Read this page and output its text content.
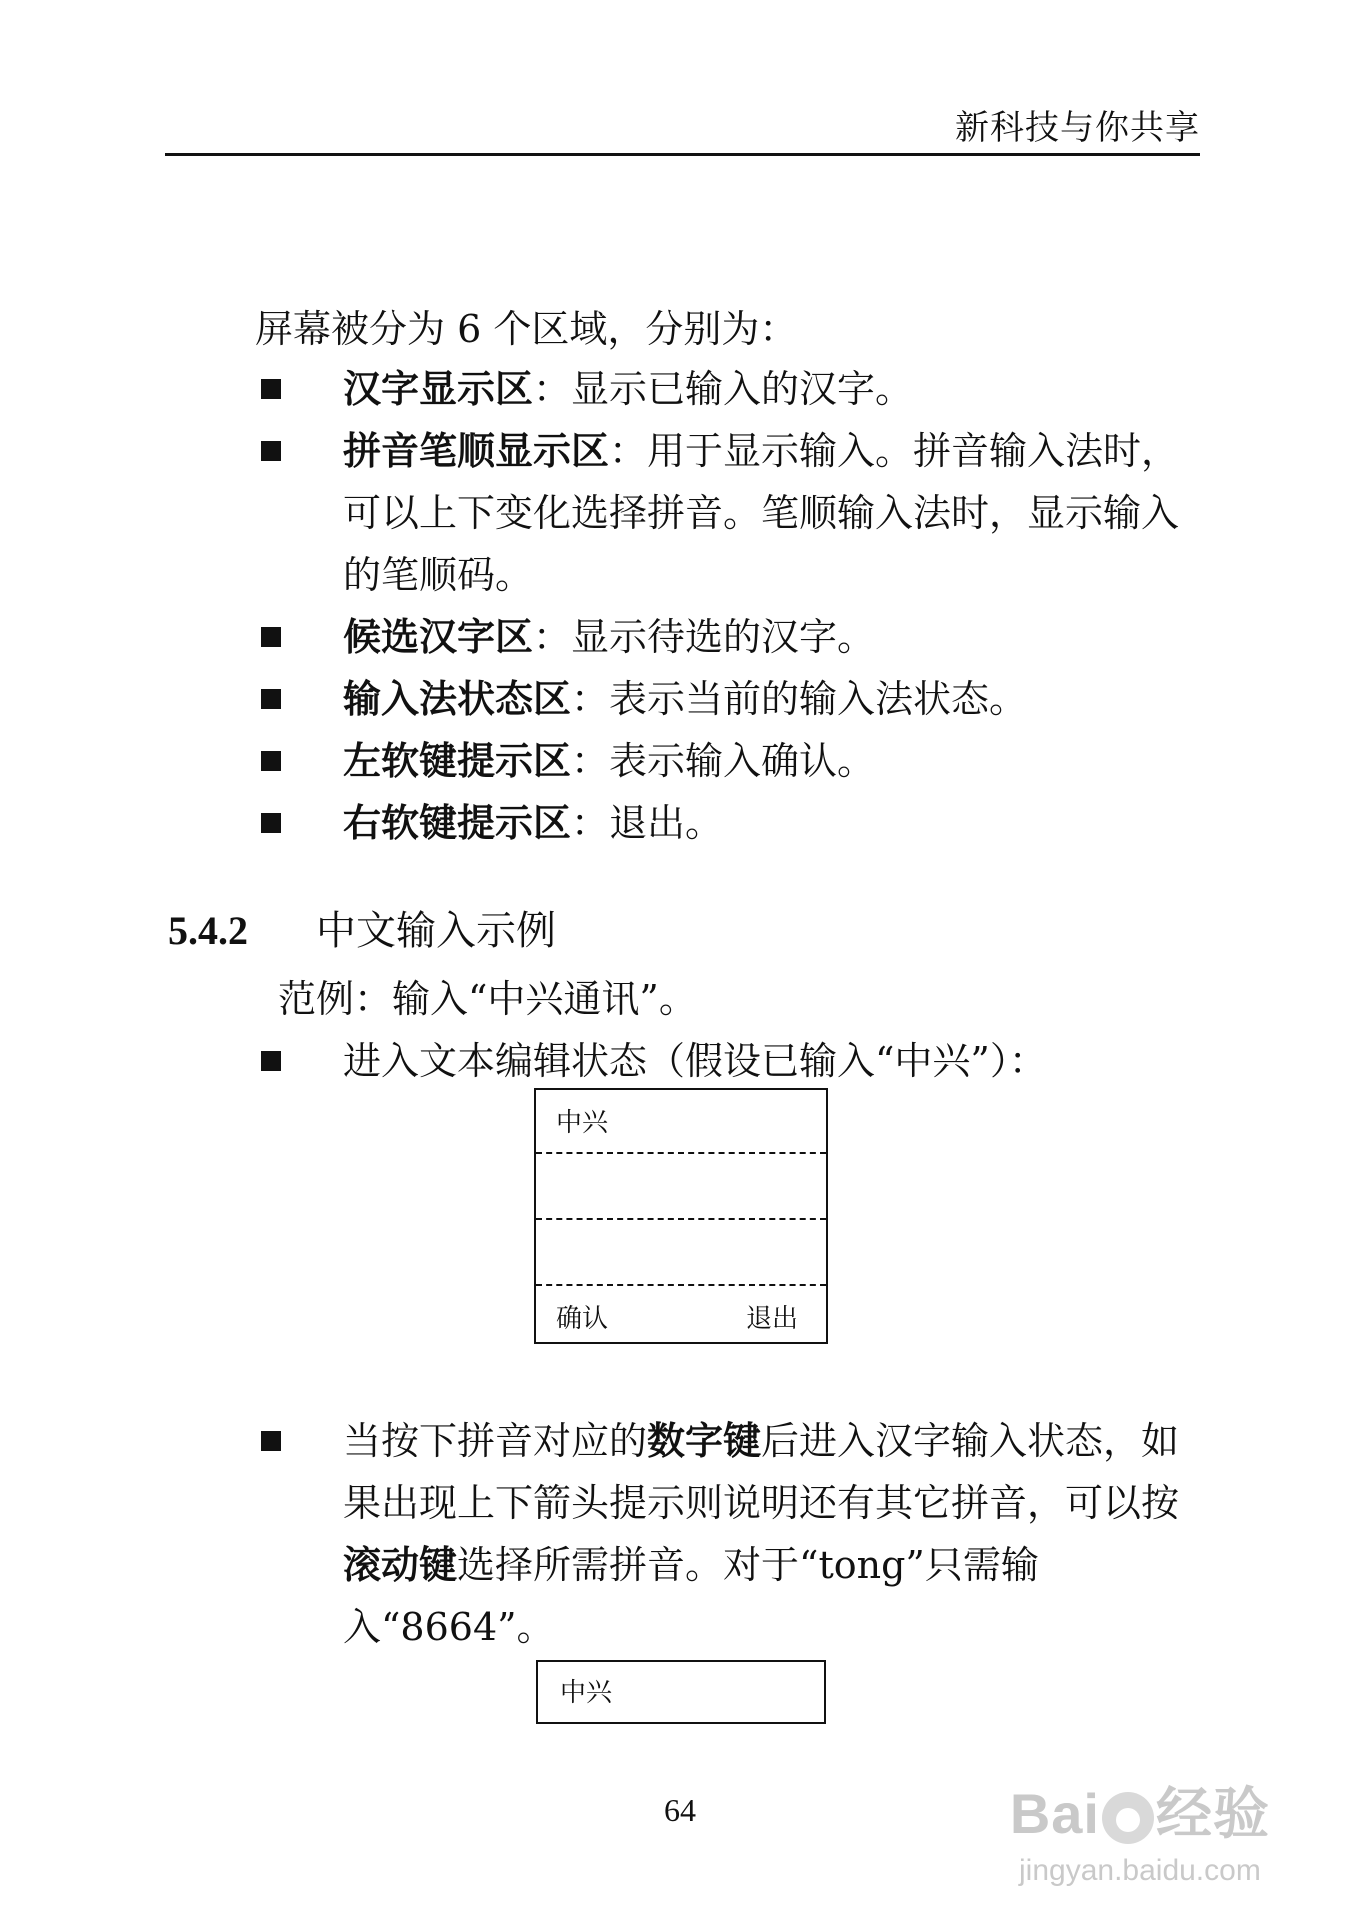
新科技与你共享
屏幕被分为 6 个区域，分别为：
汉字显示区：显示已输入的汉字。
拼音笔顺显示区：用于显示输入。拼音输入法时，可以上下变化选择拼音。笔顺输入法时，显示输入的笔顺码。
候选汉字区：显示待选的汉字。
输入法状态区：表示当前的输入法状态。
左软键提示区：表示输入确认。
右软键提示区：退出。
5.4.2 中文输入示例
范例：输入“中兴通讯”。
进入文本编辑状态（假设已输入“中兴”）：
中兴
确认	退出
当按下拼音对应的数字键后进入汉字输入状态，如果出现上下箭头提示则说明还有其它拼音，可以按滚动键选择所需拼音。对于“tong”只需输入“8664”。
中兴
64	Bai 经验
jingyan.baidu.com
